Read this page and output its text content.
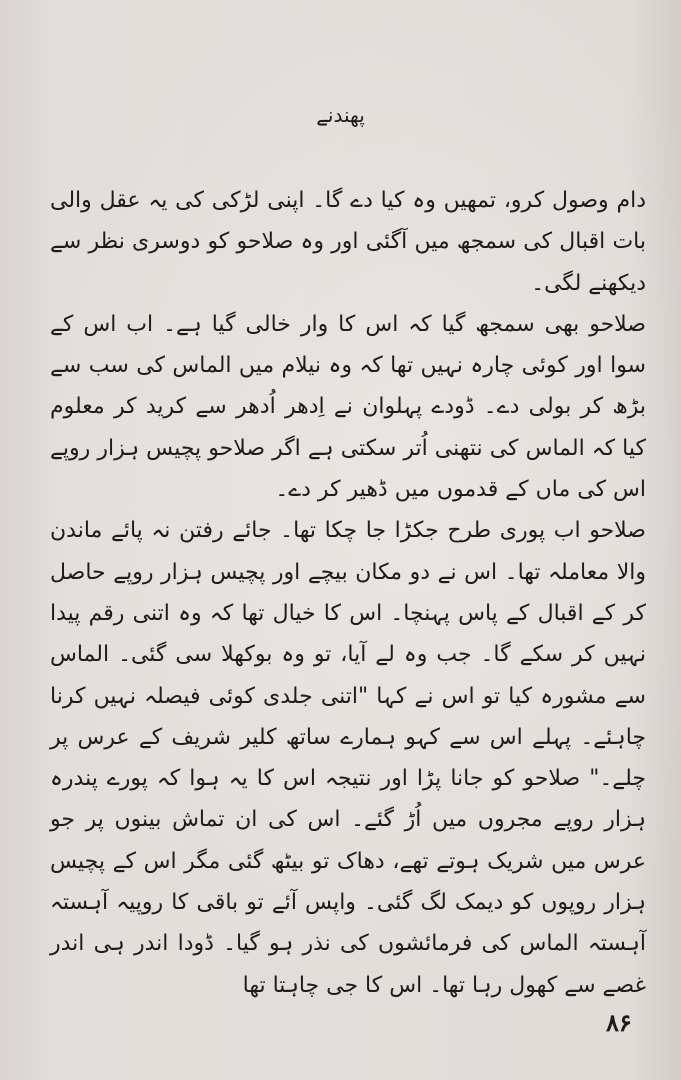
پھندنے

دام وصول کرو، تمھیں وہ کیا دے گا۔ اپنی لڑکی کی یہ عقل والی بات اقبال کی سمجھ میں آگئی اور وہ صلاحو کو دوسری نظر سے دیکھنے لگی۔

صلاحو بھی سمجھ گیا کہ اس کا وار خالی گیا ہے۔ اب اس کے سوا اور کوئی چارہ نہیں تھا کہ وہ نیلام میں الماس کی سب سے بڑھ کر بولی دے۔ ڈودے پہلوان نے اِدھر اُدھر سے کرید کر معلوم کیا کہ الماس کی نتھنی اُتر سکتی ہے اگر صلاحو پچیس ہزار روپے اس کی ماں کے قدموں میں ڈھیر کر دے۔

صلاحو اب پوری طرح جکڑا جا چکا تھا۔ جائے رفتن نہ پائے ماندن والا معاملہ تھا۔ اس نے دو مکان بیچے اور پچیس ہزار روپے حاصل کر کے اقبال کے پاس پہنچا۔ اس کا خیال تھا کہ وہ اتنی رقم پیدا نہیں کر سکے گا۔ جب وہ لے آیا، تو وہ بوکھلا سی گئی۔ الماس سے مشورہ کیا تو اس نے کہا "اتنی جلدی کوئی فیصلہ نہیں کرنا چاہئے۔ پہلے اس سے کہو ہمارے ساتھ کلیر شریف کے عرس پر چلے۔" صلاحو کو جانا پڑا اور نتیجہ اس کا یہ ہوا کہ پورے پندرہ ہزار روپے مجروں میں اُڑ گئے۔ اس کی ان تماش بینوں پر جو عرس میں شریک ہوتے تھے، دھاک تو بیٹھ گئی مگر اس کے پچیس ہزار روپوں کو دیمک لگ گئی۔ واپس آئے تو باقی کا روپیہ آہستہ آہستہ الماس کی فرمائشوں کی نذر ہو گیا۔ ڈودا اندر ہی اندر غصے سے کھول رہا تھا۔ اس کا جی چاہتا تھا

۸۶
